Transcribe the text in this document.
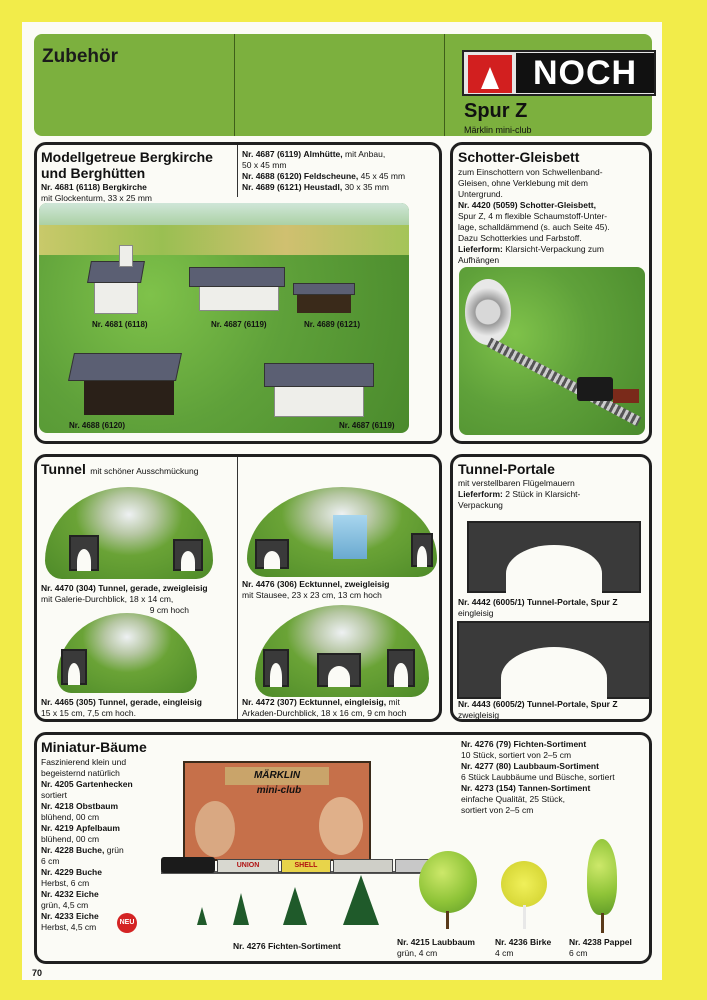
Zubehör	NOCH
Spur Z
Märklin mini-club
Modellgetreue Bergkirche
und Berghütten
Nr. 4681 (6118) Bergkirche
mit Glockenturm, 33 x 25 mm
Nr. 4687 (6119) Almhütte, mit Anbau,
50 x 45 mm
Nr. 4688 (6120) Feldscheune, 45 x 45 mm
Nr. 4689 (6121) Heustadl, 30 x 35 mm
Nr. 4681 (6118)	Nr. 4687 (6119)	Nr. 4689 (6121)
Nr. 4688 (6120)	Nr. 4687 (6119)
Schotter-Gleisbett
zum Einschottern von Schwellenband-
Gleisen, ohne Verklebung mit dem
Untergrund.
Nr. 4420 (5059) Schotter-Gleisbett,
Spur Z, 4 m flexible Schaumstoff-Unter-
lage, schalldämmend (s. auch Seite 45).
Dazu Schotterkies und Farbstoff.
Lieferform: Klarsicht-Verpackung zum
Aufhängen
Tunnel mit schöner Ausschmückung
Nr. 4470 (304) Tunnel, gerade, zweigleisig
mit Galerie-Durchblick, 18 x 14 cm,
9 cm hoch
Nr. 4476 (306) Ecktunnel, zweigleisig
mit Stausee, 23 x 23 cm, 13 cm hoch
Nr. 4465 (305) Tunnel, gerade, eingleisig
15 x 15 cm, 7,5 cm hoch.
Nr. 4472 (307) Ecktunnel, eingleisig, mit
Arkaden-Durchblick, 18 x 16 cm, 9 cm hoch
Tunnel-Portale
mit verstellbaren Flügelmauern
Lieferform: 2 Stück in Klarsicht-
Verpackung
Nr. 4442 (6005/1) Tunnel-Portale, Spur Z
eingleisig
Nr. 4443 (6005/2) Tunnel-Portale, Spur Z
zweigleisig
Miniatur-Bäume
Faszinierend klein und
begeisternd natürlich
Nr. 4205 Gartenhecken
sortiert
Nr. 4218 Obstbaum
blühend, 00 cm
Nr. 4219 Apfelbaum
blühend, 00 cm
Nr. 4228 Buche, grün
6 cm
Nr. 4229 Buche
Herbst, 6 cm
Nr. 4232 Eiche
grün, 4,5 cm
Nr. 4233 Eiche
Herbst, 4,5 cm	NEU
MÄRKLIN
mini-club
Nr. 4276 (79) Fichten-Sortiment
10 Stück, sortiert von 2–5 cm
Nr. 4277 (80) Laubbaum-Sortiment
6 Stück Laubbäume und Büsche, sortiert
Nr. 4273 (154) Tannen-Sortiment
einfache Qualität, 25 Stück,
sortiert von 2–5 cm
UNION	SHELL
Nr. 4276 Fichten-Sortiment	Nr. 4215 Laubbaum
grün, 4 cm
Nr. 4236 Birke
4 cm
Nr. 4238 Pappel
6 cm
70
